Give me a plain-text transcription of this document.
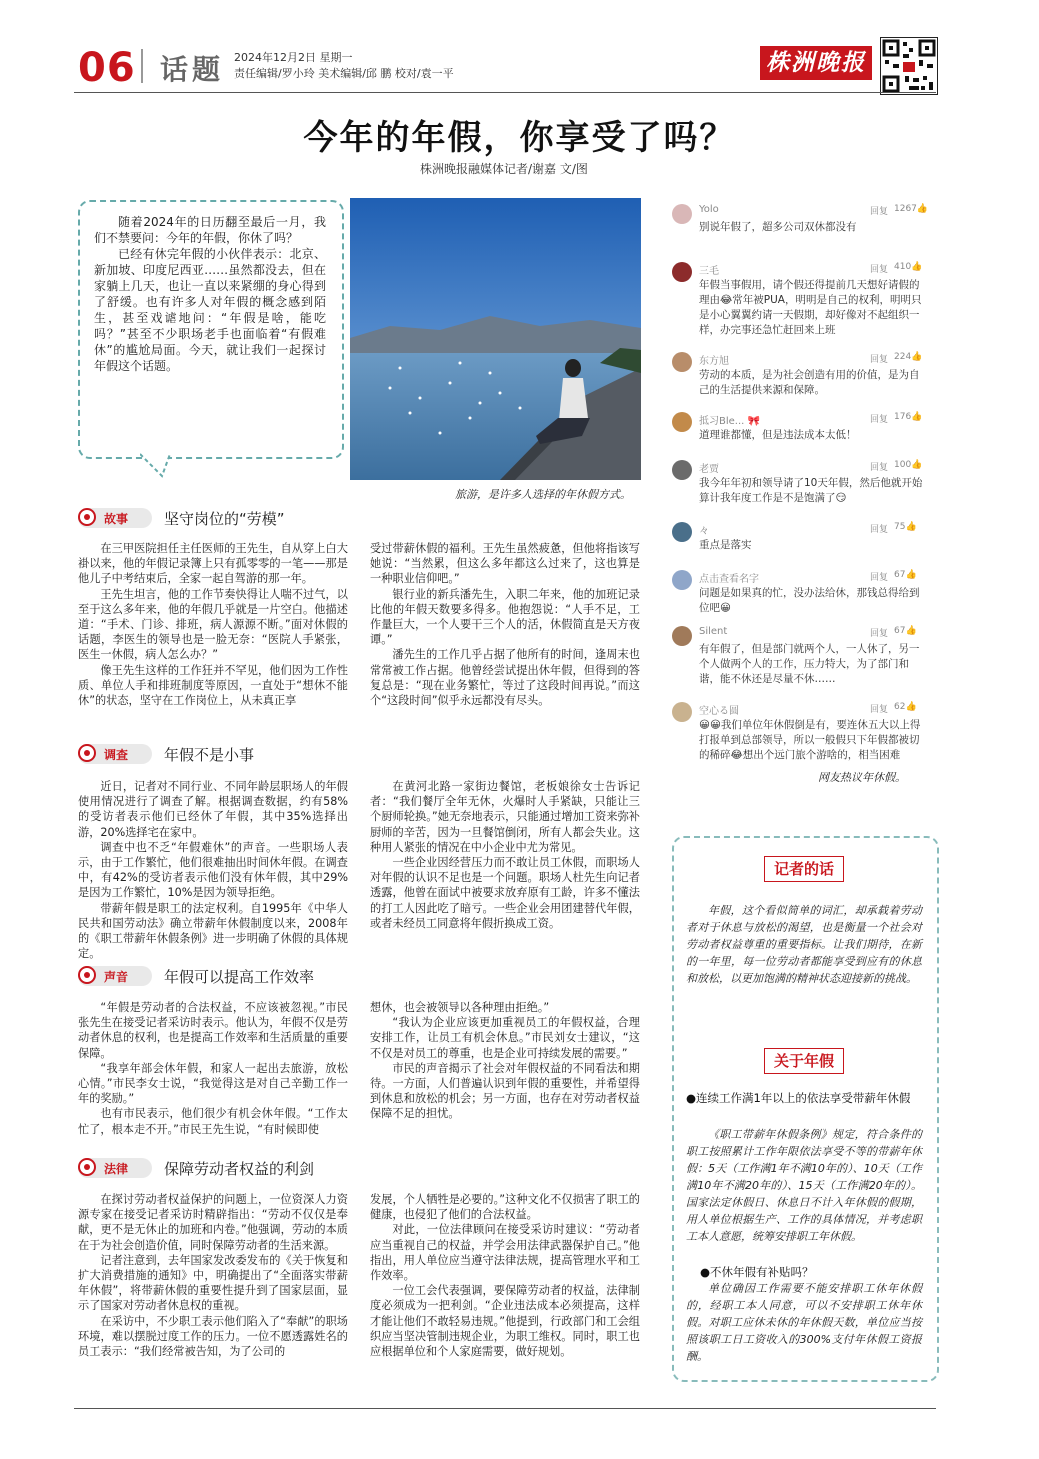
06 话题 2024年12月2日 星期一
责任编辑/罗小玲 美术编辑/邱 鹏 校对/袁一平	株洲晚报
今年的年假，你享受了吗？
株洲晚报融媒体记者/谢嘉 文/图

随着2024年的日历翻至最后一月，我们不禁要问：今年的年假，你休了吗？

已经有休完年假的小伙伴表示：北京、新加坡、印度尼西亚……虽然都没去，但在家躺上几天，也让一直以来紧绷的身心得到了舒缓。也有许多人对年假的概念感到陌生，甚至戏谑地问：“年假是啥，能吃吗？”甚至不少职场老手也面临着“有假难休”的尴尬局面。今天，就让我们一起探讨年假这个话题。

旅游，是许多人选择的年休假方式。
故事 坚守岗位的“劳模”

在三甲医院担任主任医师的王先生，自从穿上白大褂以来，他的年假记录簿上只有孤零零的一笔——那是他儿子中考结束后，全家一起自驾游的那一年。

王先生坦言，他的工作节奏快得让人喘不过气，以至于这么多年来，他的年假几乎就是一片空白。他描述道：“手术、门诊、排班，病人源源不断。”面对休假的话题，李医生的领导也是一脸无奈：“医院人手紧张，医生一休假，病人怎么办？”

像王先生这样的工作狂并不罕见，他们因为工作性质、单位人手和排班制度等原因，一直处于“想休不能休”的状态，坚守在工作岗位上，从未真正享

受过带薪休假的福利。王先生虽然疲惫，但他将指该写她说：“当然累，但这么多年都这么过来了，这也算是一种职业信仰吧。”

银行业的新兵潘先生，入职二年来，他的加班记录比他的年假天数要多得多。他抱怨说：“人手不足，工作量巨大，一个人要干三个人的活，休假简直是天方夜谭。”

潘先生的工作几乎占据了他所有的时间，逢周末也常常被工作占据。他曾经尝试提出休年假，但得到的答复总是：“现在业务繁忙，等过了这段时间再说。”而这个“这段时间”似乎永远都没有尽头。

调查 年假不是小事

近日，记者对不同行业、不同年龄层职场人的年假使用情况进行了调查了解。根据调查数据，约有58%的受访者表示他们已经休了年假，其中35%选择出游，20%选择宅在家中。

调查中也不乏“年假难休”的声音。一些职场人表示，由于工作繁忙，他们很难抽出时间休年假。在调查中，有42%的受访者表示他们没有休年假，其中29%是因为工作繁忙，10%是因为领导拒绝。

带薪年假是职工的法定权利。自1995年《中华人民共和国劳动法》确立带薪年休假制度以来，2008年的《职工带薪年休假条例》进一步明确了休假的具体规定。

在黄河北路一家街边餐馆，老板娘徐女士告诉记者：“我们餐厅全年无休，火爆时人手紧缺，只能让三个厨师轮换。”她无奈地表示，只能通过增加工资来弥补厨师的辛苦，因为一旦餐馆倒闭，所有人都会失业。这种用人紧张的情况在中小企业中尤为常见。

一些企业因经营压力而不敢让员工休假，而职场人对年假的认识不足也是一个问题。职场人杜先生向记者透露，他曾在面试中被要求放弃原有工龄，许多不懂法的打工人因此吃了暗亏。一些企业会用团建替代年假，或者未经员工同意将年假折换成工资。

声音 年假可以提高工作效率

“年假是劳动者的合法权益，不应该被忽视。”市民张先生在接受记者采访时表示。他认为，年假不仅是劳动者休息的权利，也是提高工作效率和生活质量的重要保障。

“我享年部会休年假，和家人一起出去旅游，放松心情。”市民李女士说，“我觉得这是对自己辛勤工作一年的奖励。”

也有市民表示，他们很少有机会休年假。“工作太忙了，根本走不开。”市民王先生说，“有时候即使

想休，也会被领导以各种理由拒绝。”

“我认为企业应该更加重视员工的年假权益，合理安排工作，让员工有机会休息。”市民刘女士建议，“这不仅是对员工的尊重，也是企业可持续发展的需要。”

市民的声音揭示了社会对年假权益的不同看法和期待。一方面，人们普遍认识到年假的重要性，并希望得到休息和放松的机会；另一方面，也存在对劳动者权益保障不足的担忧。

法律 保障劳动者权益的利剑

在探讨劳动者权益保护的问题上，一位资深人力资源专家在接受记者采访时精辟指出：“劳动不仅仅是奉献，更不是无休止的加班和内卷。”他强调，劳动的本质在于为社会创造价值，同时保障劳动者的生活来源。

记者注意到，去年国家发改委发布的《关于恢复和扩大消费措施的通知》中，明确提出了“全面落实带薪年休假”，将带薪休假的重要性提升到了国家层面，显示了国家对劳动者休息权的重视。

在采访中，不少职工表示他们陷入了“奉献”的职场环境，难以摆脱过度工作的压力。一位不愿透露姓名的员工表示：“我们经常被告知，为了公司的

发展，个人牺牲是必要的。”这种文化不仅损害了职工的健康，也侵犯了他们的合法权益。

对此，一位法律顾问在接受采访时建议：“劳动者应当重视自己的权益，并学会用法律武器保护自己。”他指出，用人单位应当遵守法律法规，提高管理水平和工作效率。

一位工会代表强调，要保障劳动者的权益，法律制度必须成为一把利剑。“企业违法成本必须提高，这样才能让他们不敢轻易违规。”他提到，行政部门和工会组织应当坚决管制违规企业，为职工维权。同时，职工也应根据单位和个人家庭需要，做好规划。

Yolo	回复 1267👍
别说年假了，超多公司双休都没有
三毛	回复 410👍
年假当事假用，请个假还得提前几天想好请假的理由😂常年被PUA，明明是自己的权利，明明只是小心翼翼约请一天假期，却好像对不起组织一样，办完事还急忙赶回来上班
东方旭	回复 224👍
劳动的本质，是为社会创造有用的价值，是为自己的生活提供来源和保障。
抵习Ble... 🎀	回复 176👍
道理谁都懂，但是违法成本太低！
老贾	回复 100👍
我今年年初和领导请了10天年假，然后他就开始算计我年度工作是不是饱满了😏
々	回复 75👍
重点是落实
点击查看名字	回复 67👍
问题是如果真的忙，没办法给休，那钱总得给到位吧😀
Silent	回复 67👍
有年假了，但是部门就两个人，一人休了，另一个人做两个人的工作，压力特大，为了部门和谐，能不休还是尽量不休……
空心る圆	回复 62👍
😀😀我们单位年休假倒是有，要连休五大以上得打报单到总部领导，所以一般假只下年假都被切的稀碎😂想出个远门旅个游啥的，相当困难
网友热议年休假。
记者的话

年假，这个看似简单的词汇，却承载着劳动者对于休息与放松的渴望，也是衡量一个社会对劳动者权益尊重的重要指标。让我们期待，在新的一年里，每一位劳动者都能享受到应有的休息和放松，以更加饱满的精神状态迎接新的挑战。

关于年假
●连续工作满1年以上的依法享受带薪年休假

《职工带薪年休假条例》规定，符合条件的职工按照累计工作年限依法享受不等的带薪年休假：5天（工作满1年不满10年的）、10天（工作满10年不满20年的）、15天（工作满20年的）。国家法定休假日、休息日不计入年休假的假期，用人单位根据生产、工作的具体情况，并考虑职工本人意愿，统筹安排职工年休假。

●不休年假有补贴吗？

单位确因工作需要不能安排职工休年休假的，经职工本人同意，可以不安排职工休年休假。对职工应休未休的年休假天数，单位应当按照该职工日工资收入的300%支付年休假工资报酬。
